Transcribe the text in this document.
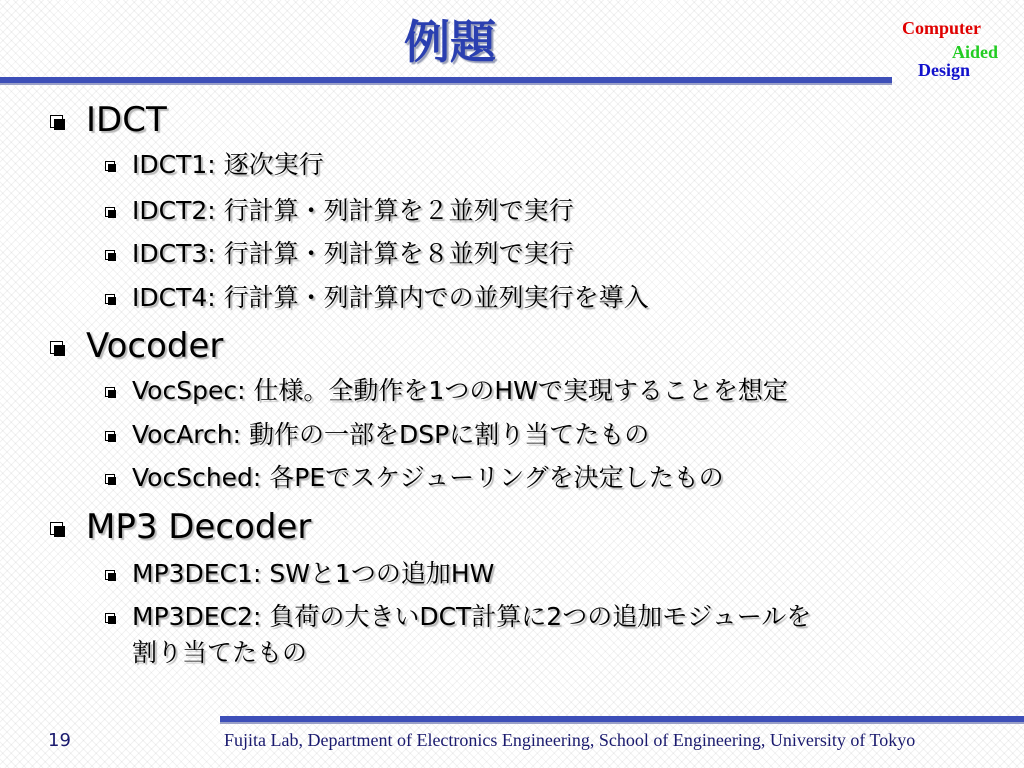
例題	Computer
Aided
Design
IDCT
IDCT1: 逐次実行
IDCT2: 行計算・列計算を２並列で実行
IDCT3: 行計算・列計算を８並列で実行
IDCT4: 行計算・列計算内での並列実行を導入
Vocoder
VocSpec: 仕様。全動作を1つのHWで実現することを想定
VocArch: 動作の一部をDSPに割り当てたもの
VocSched: 各PEでスケジューリングを決定したもの
MP3 Decoder
MP3DEC1: SWと1つの追加HW
MP3DEC2: 負荷の大きいDCT計算に2つの追加モジュールを
割り当てたもの
19	Fujita Lab, Department of Electronics Engineering, School of Engineering, University of Tokyo
